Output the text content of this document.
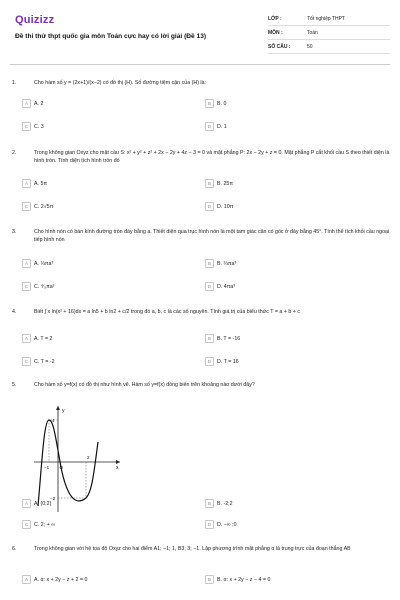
Quizizz
Đề thi thử thpt quốc gia môn Toán cực hay có lời giải (Đề 13)
LỚP :	Tốt nghiệp THPT
MÔN :	Toán
SỐ CÂU :	50
1.	Cho hàm số y = (2x+1)/(x−2) có đồ thị (H). Số đường tiệm cận của (H) là:
A	A. 2	B	B. 0
C	C. 3	D	D. 1
2.	Trong không gian Oxyz cho mặt cầu S: x² + y² + z² + 2x − 2y + 4z − 3 = 0 và mặt phẳng P: 2x − 2y + z = 0. Mặt phẳng P cắt khối cầu S theo thiết diện là hình tròn. Tính diện tích hình tròn đó
A	A. 5π	B	B. 25π
C	C. 2√5π	D	D. 10π
3.	Cho hình nón có bán kính đường tròn đáy bằng a. Thiết diện qua trục hình nón là một tam giác cân có góc ở đáy bằng 45°. Tính thể tích khối cầu ngoại tiếp hình nón
A	A. ⅓πa³	B	B. ⅔πa³
C	C. ⁴⁄₃πa³	D	D. 4πa³
4.	Biết ∫ x ln(x² + 16)dx = a ln5 + b ln2 + c/2 trong đó a, b, c là các số nguyên. Tính giá trị của biểu thức T = a + b + c
A	A. T = 2	B	B. T = -16
C	C. T = -2	D	D. T = 16
5.	Cho hàm số y=f(x) có đồ thị như hình vẽ. Hàm số y=f(x) đồng biến trên khoảng nào dưới đây?
y
x
4
−1 O
2
−2
A	A. (0;2)	B	B. -2;2
C	C. 2; + ∞	D	D. −∞ ;0
6.	Trong không gian với hệ tọa độ Oxyz cho hai điểm A1; −1; 1, B3; 3; −1. Lập phương trình mặt phẳng α là trung trực của đoạn thẳng AB
A	A. α: x + 2y − z + 2 = 0	B	B. α: x + 2y − z − 4 = 0
